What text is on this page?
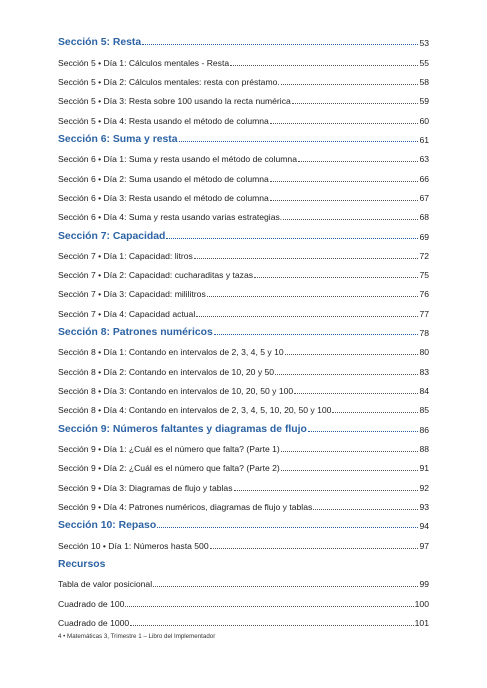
Sección 5: Resta	53
Sección 5 • Día 1: Cálculos mentales - Resta	55
Sección 5 • Día 2: Cálculos mentales: resta con préstamo.	58
Sección 5 • Día 3: Resta sobre 100 usando la recta numérica	59
Sección 5 • Día 4: Resta usando el método de columna	60
Sección 6: Suma y resta	61
Sección 6 • Día 1: Suma y resta usando el método de columna	63
Sección 6 • Día 2: Suma usando el método de columna	66
Sección 6 • Día 3: Resta usando el método de columna	67
Sección 6 • Día 4: Suma y resta usando varias estrategias.	68
Sección 7: Capacidad	69
Sección 7 • Día 1: Capacidad: litros	72
Sección 7 • Día 2: Capacidad: cucharaditas y tazas	75
Sección 7 • Día 3: Capacidad: mililitros	76
Sección 7 • Día 4: Capacidad actual	77
Sección 8: Patrones numéricos	78
Sección 8 • Día 1: Contando en intervalos de 2, 3, 4, 5 y 10	80
Sección 8 • Día 2: Contando en intervalos de 10, 20 y 50	83
Sección 8 • Día 3: Contando en intervalos de 10, 20, 50 y 100	84
Sección 8 • Día 4: Contando en intervalos de 2, 3, 4, 5, 10, 20, 50 y 100	85
Sección 9: Números faltantes y diagramas de flujo	86
Sección 9 • Día 1: ¿Cuál es el número que falta? (Parte 1)	88
Sección 9 • Día 2: ¿Cuál es el número que falta? (Parte 2)	91
Sección 9 • Día 3: Diagramas de flujo y tablas	92
Sección 9 • Día 4: Patrones numéricos, diagramas de flujo y tablas	93
Sección 10: Repaso	94
Sección 10 • Día 1: Números hasta 500	97
Recursos
Tabla de valor posicional	99
Cuadrado de 100	100
Cuadrado de 1000	101
4 • Matemáticas 3, Trimestre 1 – Libro del Implementador
